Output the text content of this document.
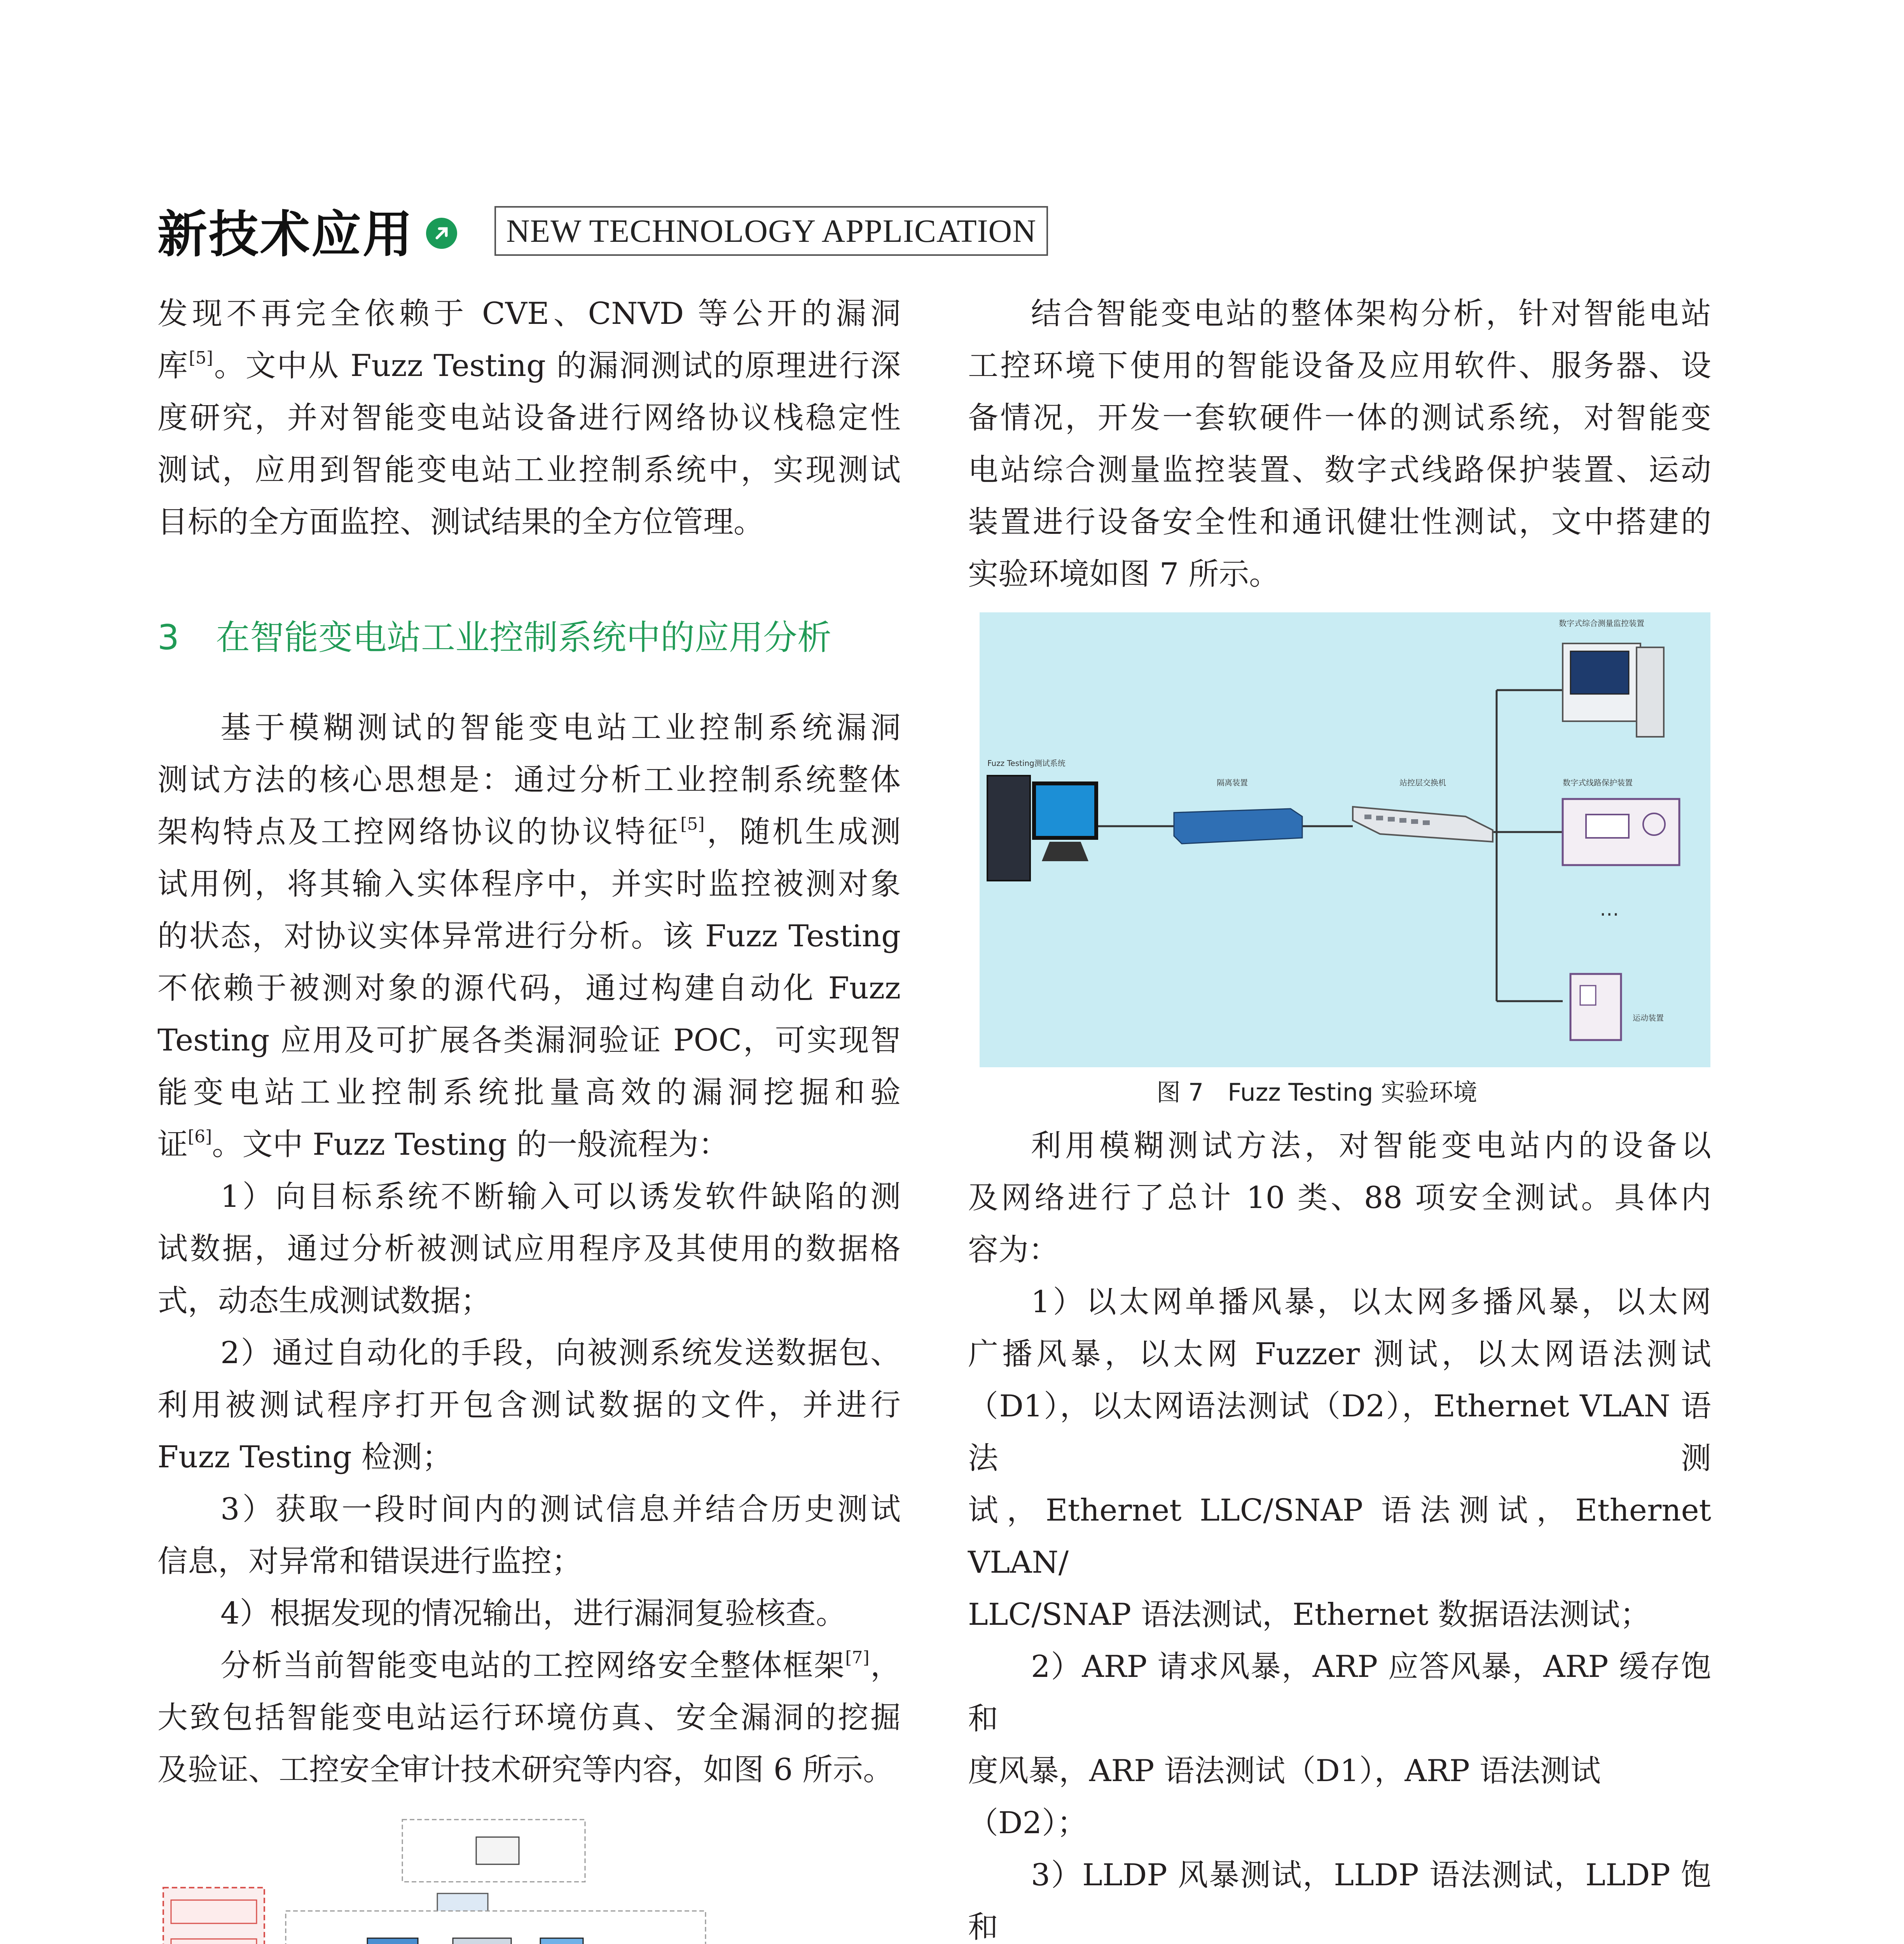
新技术应用	NEW TECHNOLOGY APPLICATION

发现不再完全依赖于 CVE、CNVD 等公开的漏洞

库[5]。文中从 Fuzz Testing 的漏洞测试的原理进行深

度研究，并对智能变电站设备进行网络协议栈稳定性

测试，应用到智能变电站工业控制系统中，实现测试

目标的全方面监控、测试结果的全方位管理。

3 在智能变电站工业控制系统中的应用分析

基于模糊测试的智能变电站工业控制系统漏洞

测试方法的核心思想是：通过分析工业控制系统整体

架构特点及工控网络协议的协议特征[5]，随机生成测

试用例，将其输入实体程序中，并实时监控被测对象

的状态，对协议实体异常进行分析。该 Fuzz Testing

不依赖于被测对象的源代码，通过构建自动化 Fuzz

Testing 应用及可扩展各类漏洞验证 POC，可实现智

能变电站工业控制系统批量高效的漏洞挖掘和验

证[6]。文中 Fuzz Testing 的一般流程为：

1）向目标系统不断输入可以诱发软件缺陷的测

试数据，通过分析被测试应用程序及其使用的数据格

式，动态生成测试数据；

2）通过自动化的手段，向被测系统发送数据包、

利用被测试程序打开包含测试数据的文件，并进行

Fuzz Testing 检测；

3）获取一段时间内的测试信息并结合历史测试

信息，对异常和错误进行监控；

4）根据发现的情况输出，进行漏洞复验核查。

分析当前智能变电站的工控网络安全整体框架[7]，

大致包括智能变电站运行环境仿真、安全漏洞的挖掘

及验证、工控安全审计技术研究等内容，如图 6 所示。

结合智能变电站的整体架构分析，针对智能电站

工控环境下使用的智能设备及应用软件、服务器、设

备情况，开发一套软硬件一体的测试系统，对智能变

电站综合测量监控装置、数字式线路保护装置、运动

装置进行设备安全性和通讯健壮性测试，文中搭建的

实验环境如图 7 所示。

Fuzz Testing测试系统
隔离装置	站控层交换机
数字式综合测量监控装置
数字式线路保护装置
…
运动装置
图 7　Fuzz Testing 实验环境

利用模糊测试方法，对智能变电站内的设备以

及网络进行了总计 10 类、88 项安全测试。具体内

容为：

1）以太网单播风暴，以太网多播风暴，以太网

广播风暴，以太网 Fuzzer 测试，以太网语法测试

（D1），以太网语法测试（D2），Ethernet VLAN 语法测

试，Ethernet LLC/SNAP 语法测试，Ethernet VLAN/

LLC/SNAP 语法测试，Ethernet 数据语法测试；

2）ARP 请求风暴，ARP 应答风暴，ARP 缓存饱和

度风暴，ARP 语法测试（D1），ARP 语法测试（D2）；

3）LLDP 风暴测试，LLDP 语法测试，LLDP 饱和
